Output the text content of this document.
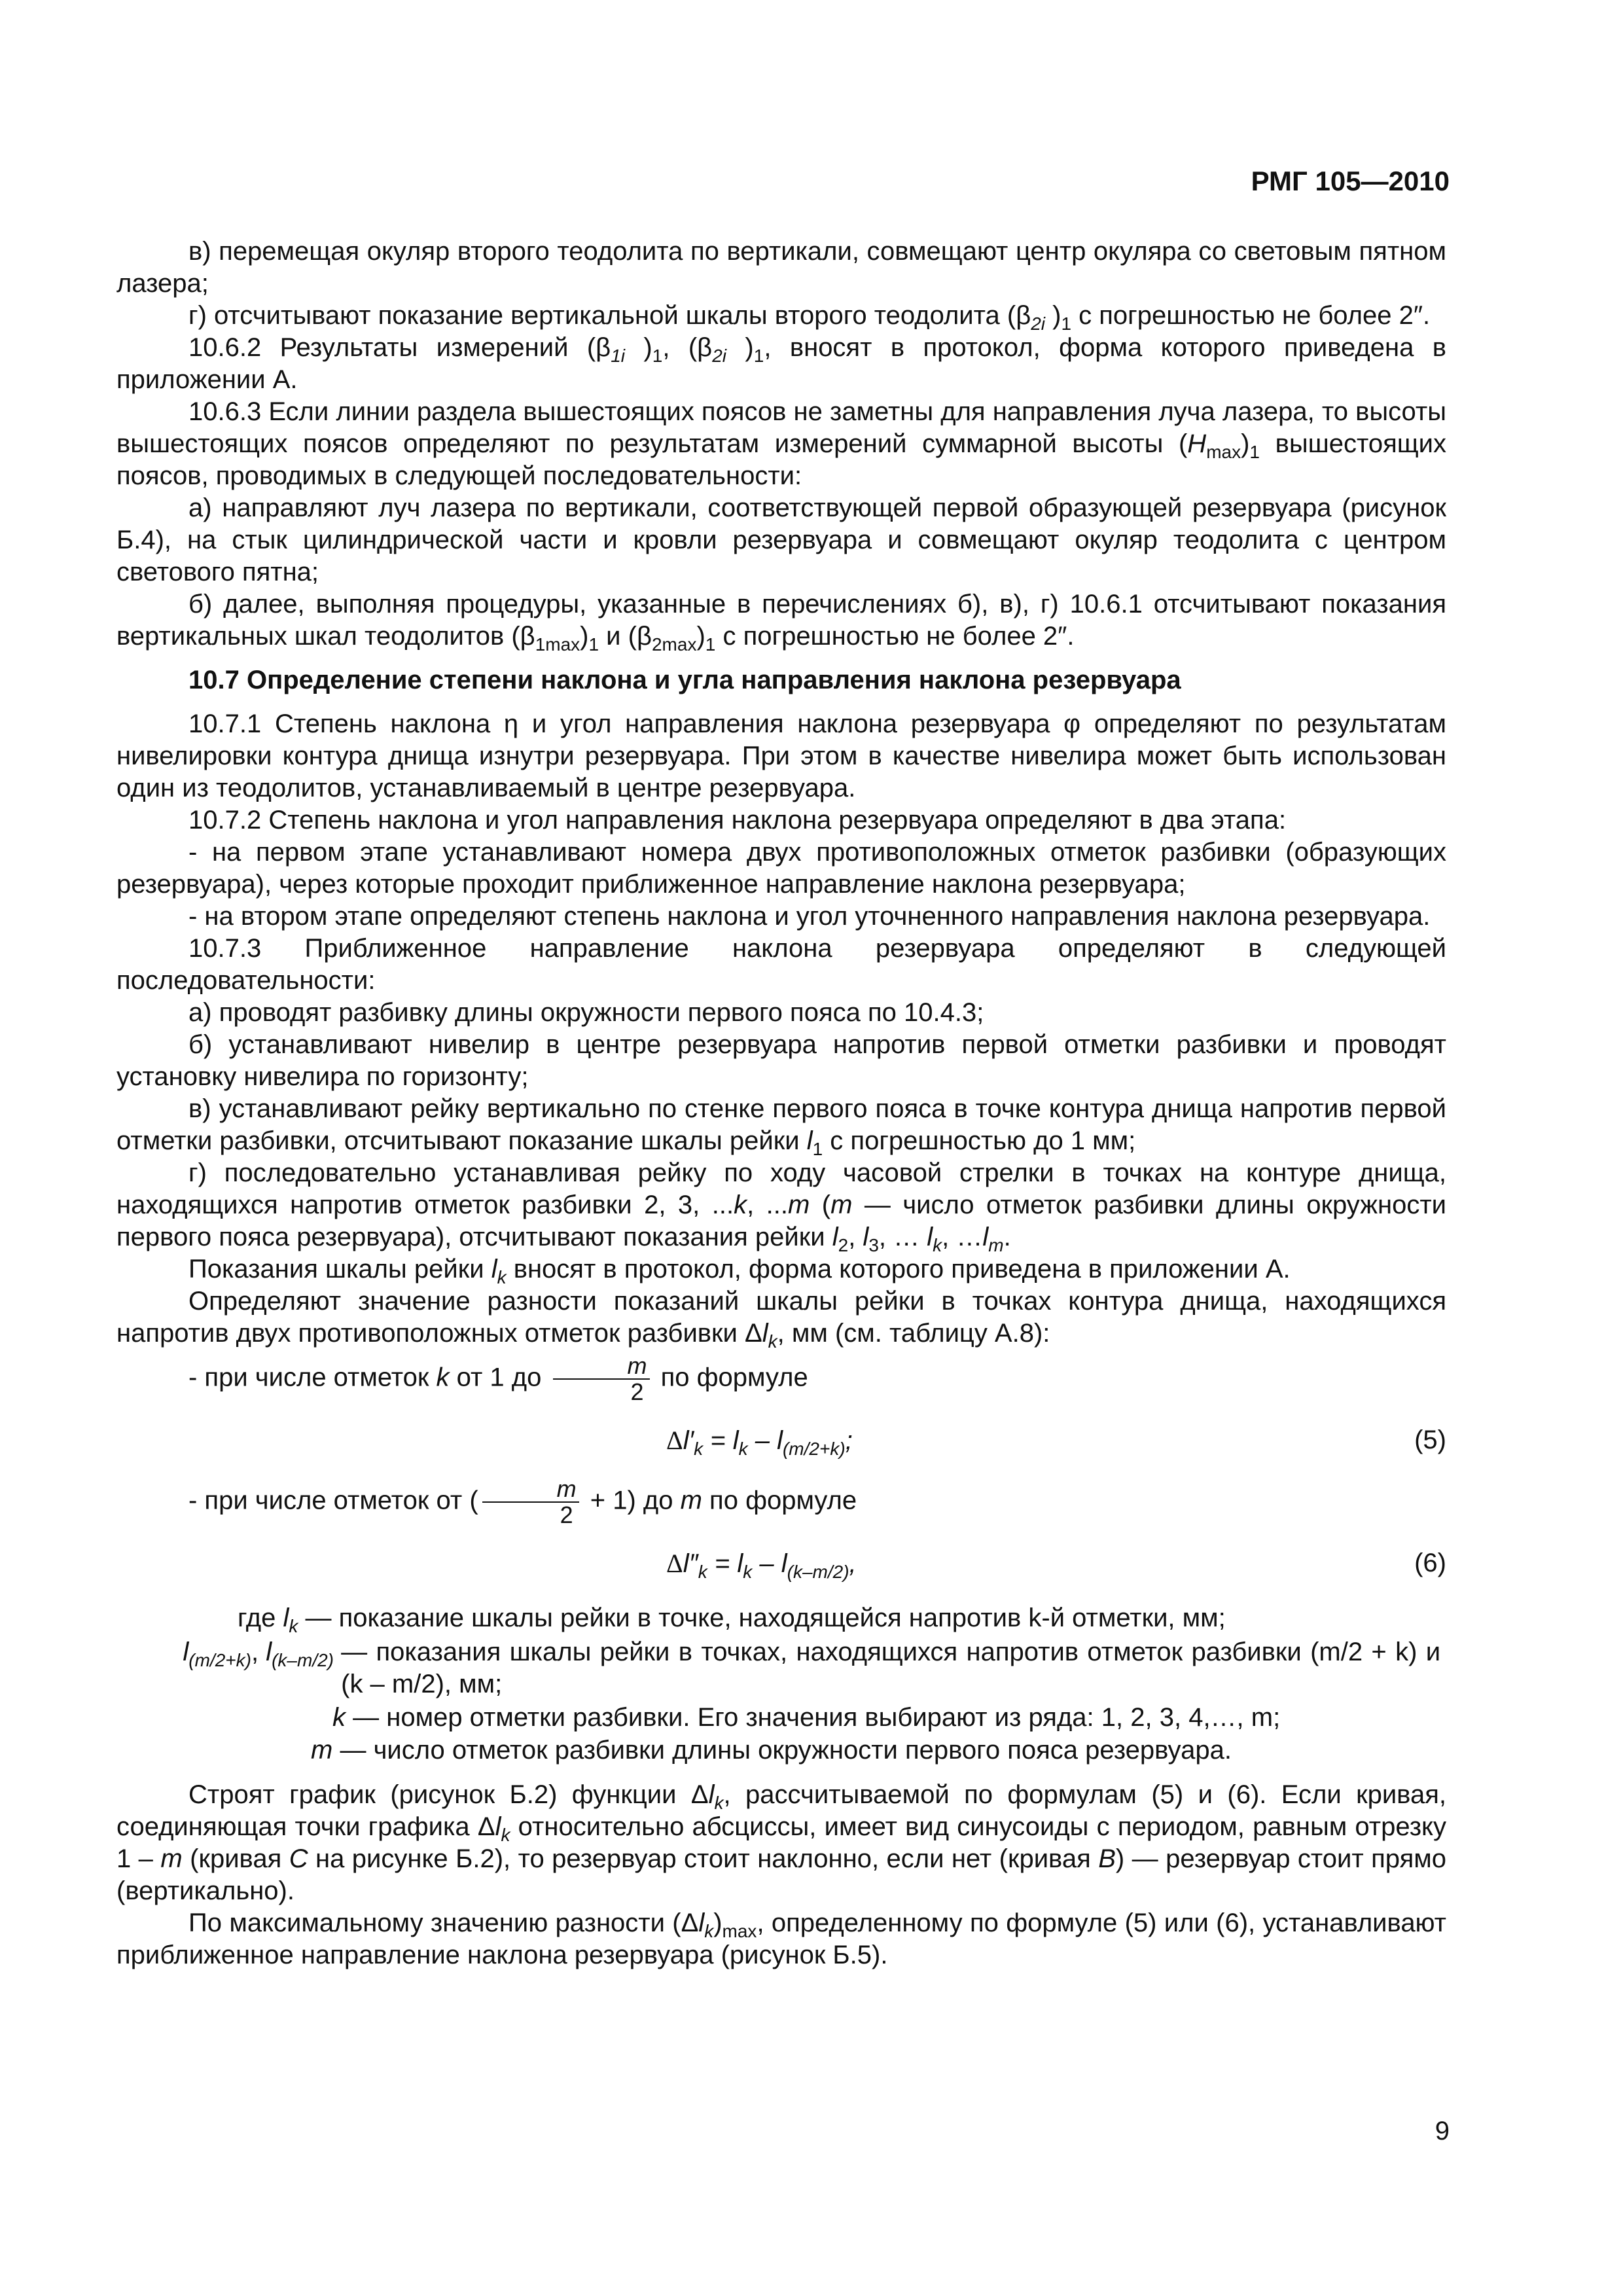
РМГ 105—2010

в) перемещая окуляр второго теодолита по вертикали, совмещают центр окуляра со световым пятном лазера;

г) отсчитывают показание вертикальной шкалы второго теодолита ($\beta_{2i}$ )$_1$ с погрешностью не более 2″.

10.6.2 Результаты измерений ($\beta_{1i}$ )$_1$, ($\beta_{2i}$ )$_1$, вносят в протокол, форма которого приведена в приложении А.

10.6.3 Если линии раздела вышестоящих поясов не заметны для направления луча лазера, то высоты вышестоящих поясов определяют по результатам измерений суммарной высоты $(H_{max})_1$ вышестоящих поясов, проводимых в следующей последовательности:

а) направляют луч лазера по вертикали, соответствующей первой образующей резервуара (рисунок Б.4), на стык цилиндрической части и кровли резервуара и совмещают окуляр теодолита с центром светового пятна;

б) далее, выполняя процедуры, указанные в перечислениях б), в), г) 10.6.1 отсчитывают показания вертикальных шкал теодолитов $(\beta_{1max})_1$ и $(\beta_{2max})_1$ с погрешностью не более 2″.

10.7 Определение степени наклона и угла направления наклона резервуара

10.7.1 Степень наклона η и угол направления наклона резервуара φ определяют по результатам нивелировки контура днища изнутри резервуара. При этом в качестве нивелира может быть использован один из теодолитов, устанавливаемый в центре резервуара.

10.7.2 Степень наклона и угол направления наклона резервуара определяют в два этапа:

- на первом этапе устанавливают номера двух противоположных отметок разбивки (образующих резервуара), через которые проходит приближенное направление наклона резервуара;

- на втором этапе определяют степень наклона и угол уточненного направления наклона резервуара.

10.7.3 Приближенное направление наклона резервуара определяют в следующей последовательности:

а) проводят разбивку длины окружности первого пояса по 10.4.3;

б) устанавливают нивелир в центре резервуара напротив первой отметки разбивки и проводят установку нивелира по горизонту;

в) устанавливают рейку вертикально по стенке первого пояса в точке контура днища напротив первой отметки разбивки, отсчитывают показание шкалы рейки $l_1$ с погрешностью до 1 мм;

г) последовательно устанавливая рейку по ходу часовой стрелки в точках на контуре днища, находящихся напротив отметок разбивки 2, 3, ...k, ...m (m — число отметок разбивки длины окружности первого пояса резервуара), отсчитывают показания рейки $l_2$, $l_3$, … $l_k$, $\dots l_m$.

Показания шкалы рейки $l_k$ вносят в протокол, форма которого приведена в приложении А.

Определяют значение разности показаний шкалы рейки в точках контура днища, находящихся напротив двух противоположных отметок разбивки $\Delta l_k$, мм (см. таблицу А.8):

- при числе отметок k от 1 до $\frac{m}{2}$ по формуле

$\Delta l'_k = l_k - l_{(m/2+k)}$;	(5)

- при числе отметок от ( $\frac{m}{2} + 1$) до m по формуле

$\Delta l''_k = l_k - l_{(k-m/2)}$,	(6)
где $l_k$ — показание шкалы рейки в точке, находящейся напротив k-й отметки, мм;
$l_{(m/2+k)}$, $l_{(k-m/2)}$ — показания шкалы рейки в точках, находящихся напротив отметок разбивки (m/2 + k) и (k – m/2), мм;
k — номер отметки разбивки. Его значения выбирают из ряда: 1, 2, 3, 4,…, m;
m — число отметок разбивки длины окружности первого пояса резервуара.

Строят график (рисунок Б.2) функции $\Delta l_k$, рассчитываемой по формулам (5) и (6). Если кривая, соединяющая точки графика $\Delta l_k$ относительно абсциссы, имеет вид синусоиды с периодом, равным отрезку 1 – m (кривая C на рисунке Б.2), то резервуар стоит наклонно, если нет (кривая B) — резервуар стоит прямо (вертикально).

По максимальному значению разности $(\Delta l_k)_{max}$, определенному по формуле (5) или (6), устанавливают приближенное направление наклона резервуара (рисунок Б.5).

9
